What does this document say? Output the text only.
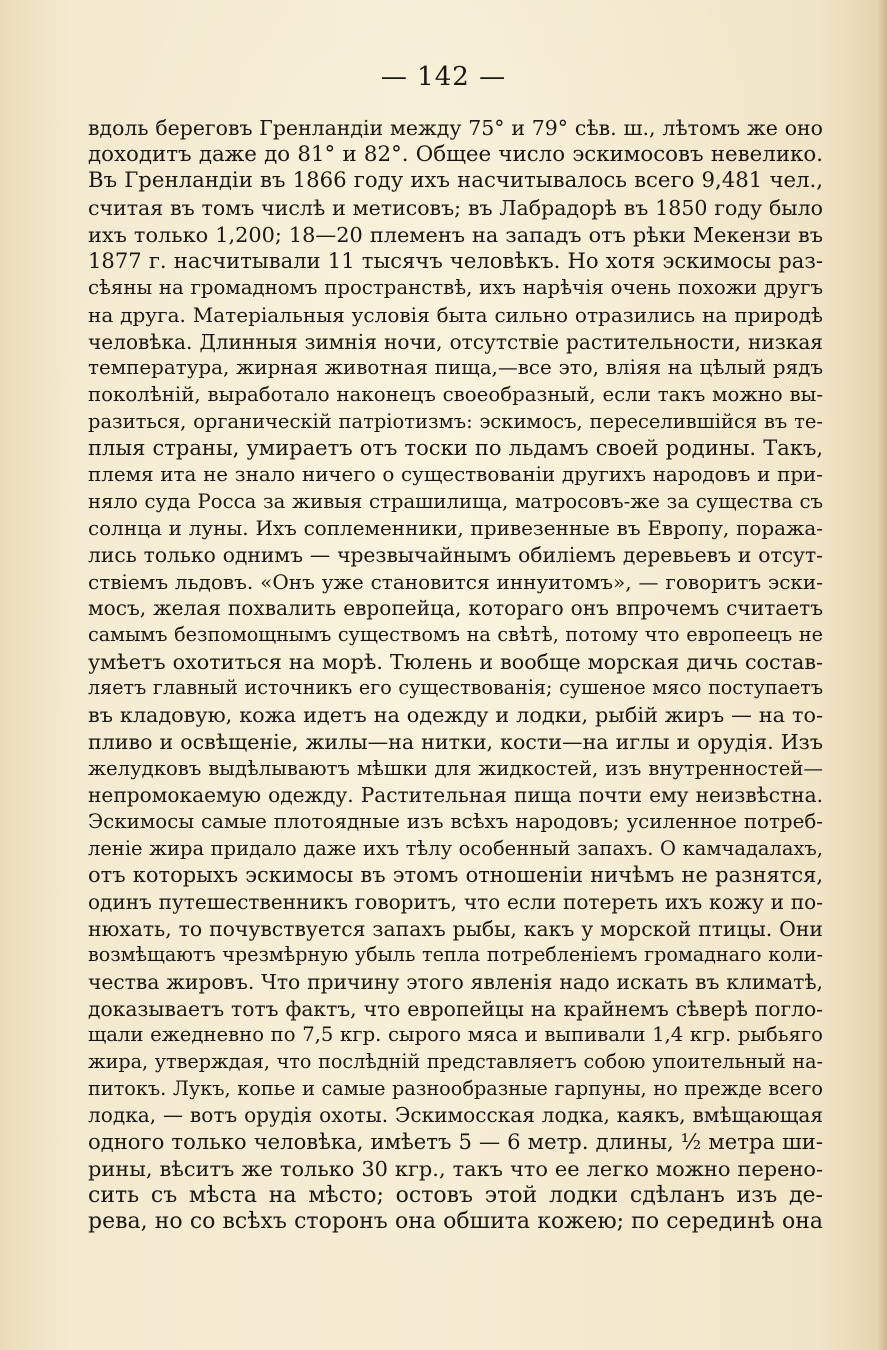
— 142 —
вдоль береговъ Гренландіи между 75° и 79° сѣв. ш., лѣтомъ же оно
доходитъ даже до 81° и 82°. Общее число эскимосовъ невелико.
Въ Гренландіи въ 1866 году ихъ насчитывалось всего 9,481 чел.,
считая въ томъ числѣ и метисовъ; въ Лабрадорѣ въ 1850 году было
ихъ только 1,200; 18—20 племенъ на западъ отъ рѣки Мекензи въ
1877 г. насчитывали 11 тысячъ человѣкъ. Но хотя эскимосы раз-
сѣяны на громадномъ пространствѣ, ихъ нарѣчія очень похожи другъ
на друга. Матеріальныя условія быта сильно отразились на природѣ
человѣка. Длинныя зимнія ночи, отсутствіе растительности, низкая
температура, жирная животная пища,—все это, вліяя на цѣлый рядъ
поколѣній, выработало наконецъ своеобразный, если такъ можно вы-
разиться, органическій патріотизмъ: эскимосъ, переселившійся въ те-
плыя страны, умираетъ отъ тоски по льдамъ своей родины. Такъ,
племя ита не знало ничего о существованіи другихъ народовъ и при-
няло суда Росса за живыя страшилища, матросовъ-же за существа съ
солнца и луны. Ихъ соплеменники, привезенные въ Европу, поража-
лись только однимъ — чрезвычайнымъ обиліемъ деревьевъ и отсут-
ствіемъ льдовъ. «Онъ уже становится иннуитомъ», — говоритъ эски-
мосъ, желая похвалить европейца, котораго онъ впрочемъ считаетъ
самымъ безпомощнымъ существомъ на свѣтѣ, потому что европеецъ не
умѣетъ охотиться на морѣ. Тюлень и вообще морская дичь состав-
ляетъ главный источникъ его существованія; сушеное мясо поступаетъ
въ кладовую, кожа идетъ на одежду и лодки, рыбій жиръ — на то-
пливо и освѣщеніе, жилы—на нитки, кости—на иглы и орудія. Изъ
желудковъ выдѣлываютъ мѣшки для жидкостей, изъ внутренностей—
непромокаемую одежду. Растительная пища почти ему неизвѣстна.
Эскимосы самые плотоядные изъ всѣхъ народовъ; усиленное потреб-
леніе жира придало даже ихъ тѣлу особенный запахъ. О камчадалахъ,
отъ которыхъ эскимосы въ этомъ отношеніи ничѣмъ не разнятся,
одинъ путешественникъ говоритъ, что если потереть ихъ кожу и по-
нюхать, то почувствуется запахъ рыбы, какъ у морской птицы. Они
возмѣщаютъ чрезмѣрную убыль тепла потребленіемъ громаднаго коли-
чества жировъ. Что причину этого явленія надо искать въ климатѣ,
доказываетъ тотъ фактъ, что европейцы на крайнемъ сѣверѣ погло-
щали ежедневно по 7,5 кгр. сырого мяса и выпивали 1,4 кгр. рыбьяго
жира, утверждая, что послѣдній представляетъ собою упоительный на-
питокъ. Лукъ, копье и самые разнообразные гарпуны, но прежде всего
лодка, — вотъ орудія охоты. Эскимосская лодка, каякъ, вмѣщающая
одного только человѣка, имѣетъ 5 — 6 метр. длины, ½ метра ши-
рины, вѣситъ же только 30 кгр., такъ что ее легко можно перено-
сить съ мѣста на мѣсто; остовъ этой лодки сдѣланъ изъ де-
рева, но со всѣхъ сторонъ она обшита кожею; по серединѣ она
